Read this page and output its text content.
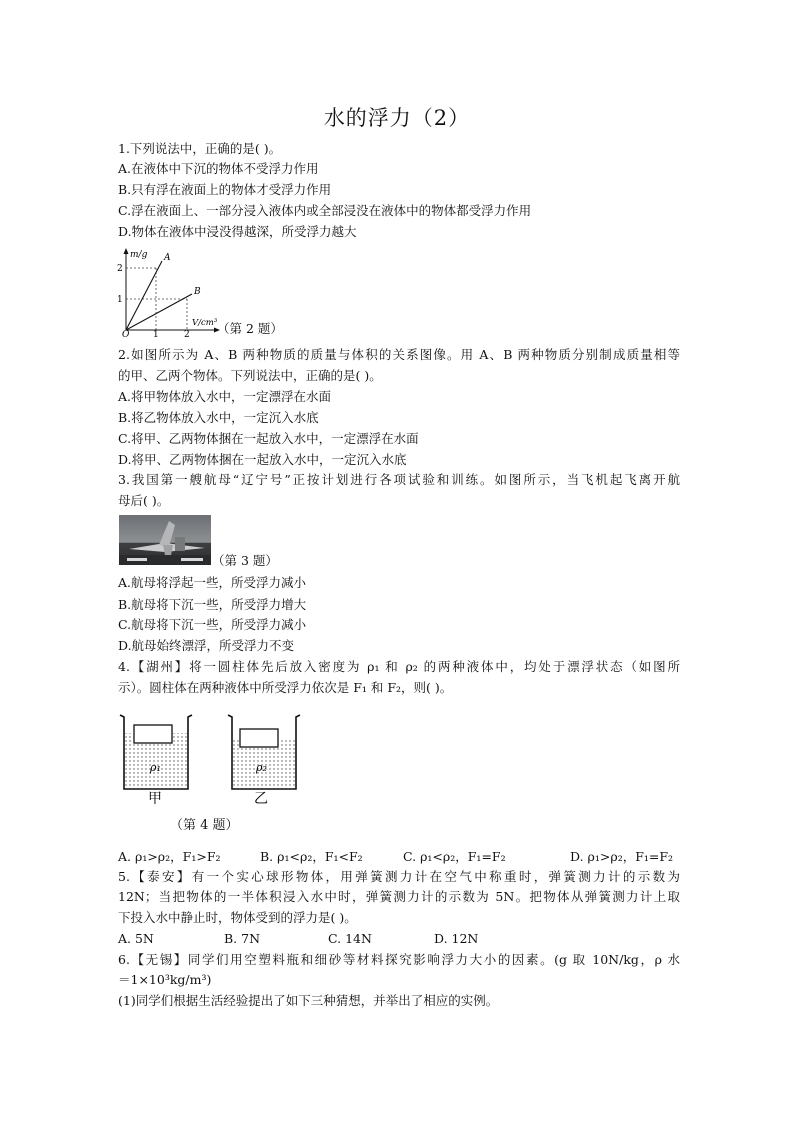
水的浮力（2）
1.下列说法中，正确的是( )。
A.在液体中下沉的物体不受浮力作用
B.只有浮在液面上的物体才受浮力作用
C.浮在液面上、一部分浸入液体内或全部浸没在液体中的物体都受浮力作用
D.物体在液体中浸没得越深，所受浮力越大
m/g
2
1
O	1	2
V/cm³
A
B
（第 2 题）
2.如图所示为 A、B 两种物质的质量与体积的关系图像。用 A、B 两种物质分别制成质量相等
的甲、乙两个物体。下列说法中，正确的是( )。
A.将甲物体放入水中，一定漂浮在水面
B.将乙物体放入水中，一定沉入水底
C.将甲、乙两物体捆在一起放入水中，一定漂浮在水面
D.将甲、乙两物体捆在一起放入水中，一定沉入水底
3.我国第一艘航母“辽宁号”正按计划进行各项试验和训练。如图所示，当飞机起飞离开航
母后( )。
（第 3 题）
A.航母将浮起一些，所受浮力减小
B.航母将下沉一些，所受浮力增大
C.航母将下沉一些，所受浮力减小
D.航母始终漂浮，所受浮力不变
4.【湖州】将一圆柱体先后放入密度为 ρ₁ 和 ρ₂ 的两种液体中，均处于漂浮状态（如图所
示）。圆柱体在两种液体中所受浮力依次是 F₁ 和 F₂，则( )。
ρ₁
甲
ρ₂
乙
（第 4 题）
A. ρ₁>ρ₂，F₁>F₂	B. ρ₁<ρ₂，F₁<F₂	C. ρ₁<ρ₂，F₁=F₂	D. ρ₁>ρ₂，F₁=F₂
5.【泰安】有一个实心球形物体，用弹簧测力计在空气中称重时，弹簧测力计的示数为
12N；当把物体的一半体积浸入水中时，弹簧测力计的示数为 5N。把物体从弹簧测力计上取
下投入水中静止时，物体受到的浮力是( )。
A. 5N	B. 7N	C. 14N	D. 12N
6.【无锡】同学们用空塑料瓶和细砂等材料探究影响浮力大小的因素。(g 取 10N/kg，ρ 水
＝1×10³kg/m³)
(1)同学们根据生活经验提出了如下三种猜想，并举出了相应的实例。
